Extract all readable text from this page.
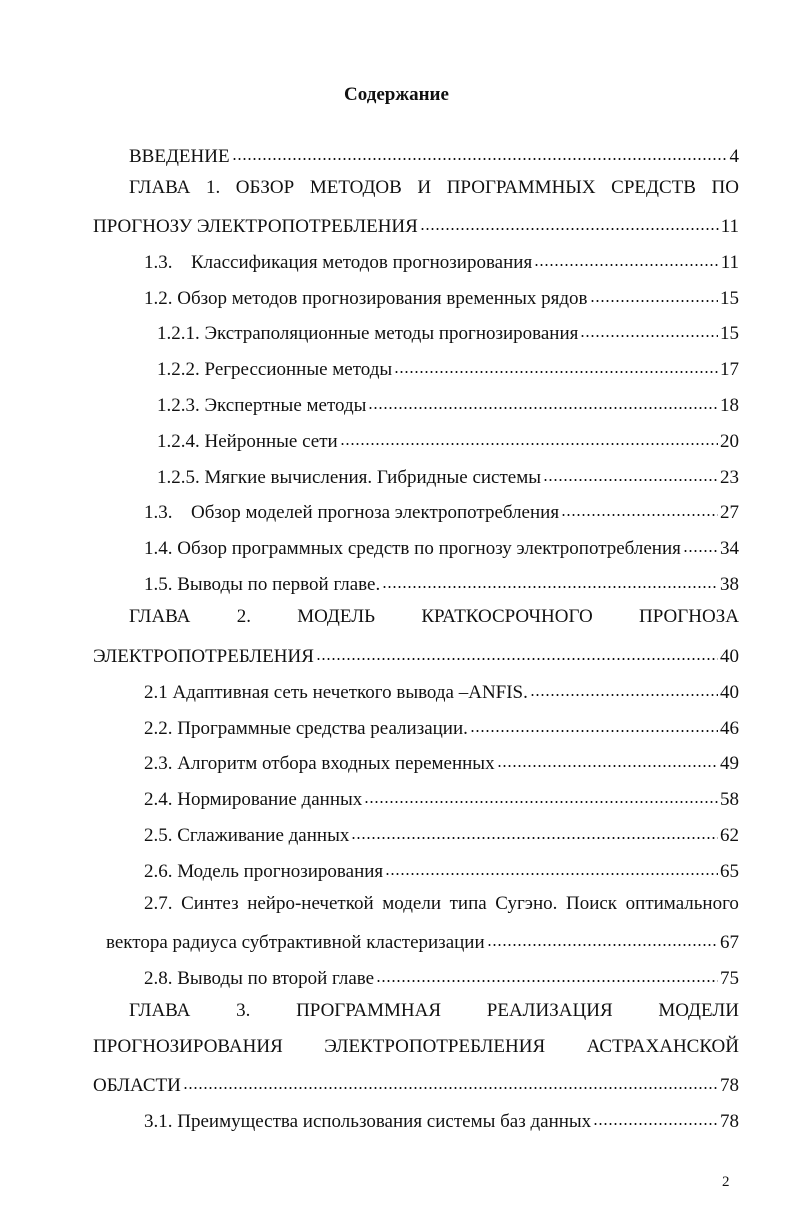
Содержание
ВВЕДЕНИЕ	4
ГЛАВА 1. ОБЗОР МЕТОДОВ И ПРОГРАММНЫХ СРЕДСТВ ПО
ПРОГНОЗУ ЭЛЕКТРОПОТРЕБЛЕНИЯ	11
1.3. Классификация методов прогнозирования	11
1.2. Обзор методов прогнозирования временных рядов	15
1.2.1. Экстраполяционные методы прогнозирования	15
1.2.2. Регрессионные методы	17
1.2.3. Экспертные методы	18
1.2.4. Нейронные сети	20
1.2.5. Мягкие вычисления. Гибридные системы	23
1.3. Обзор моделей прогноза электропотребления	27
1.4. Обзор программных средств по прогнозу электропотребления 34
1.5. Выводы по первой главе.	38
ГЛАВА 2. МОДЕЛЬ КРАТКОСРОЧНОГО ПРОГНОЗА
ЭЛЕКТРОПОТРЕБЛЕНИЯ	40
2.1 Адаптивная сеть нечеткого вывода –ANFIS.	40
2.2. Программные средства реализации.	46
2.3. Алгоритм отбора входных переменных	49
2.4. Нормирование данных	58
2.5. Сглаживание данных	62
2.6. Модель прогнозирования	65
2.7. Синтез нейро-нечеткой модели типа Сугэно. Поиск оптимального
вектора радиуса субтрактивной кластеризации	67
2.8. Выводы по второй главе	75
ГЛАВА 3. ПРОГРАММНАЯ РЕАЛИЗАЦИЯ МОДЕЛИ
ПРОГНОЗИРОВАНИЯ ЭЛЕКТРОПОТРЕБЛЕНИЯ АСТРАХАНСКОЙ
ОБЛАСТИ	78
3.1. Преимущества использования системы баз данных	78
2
